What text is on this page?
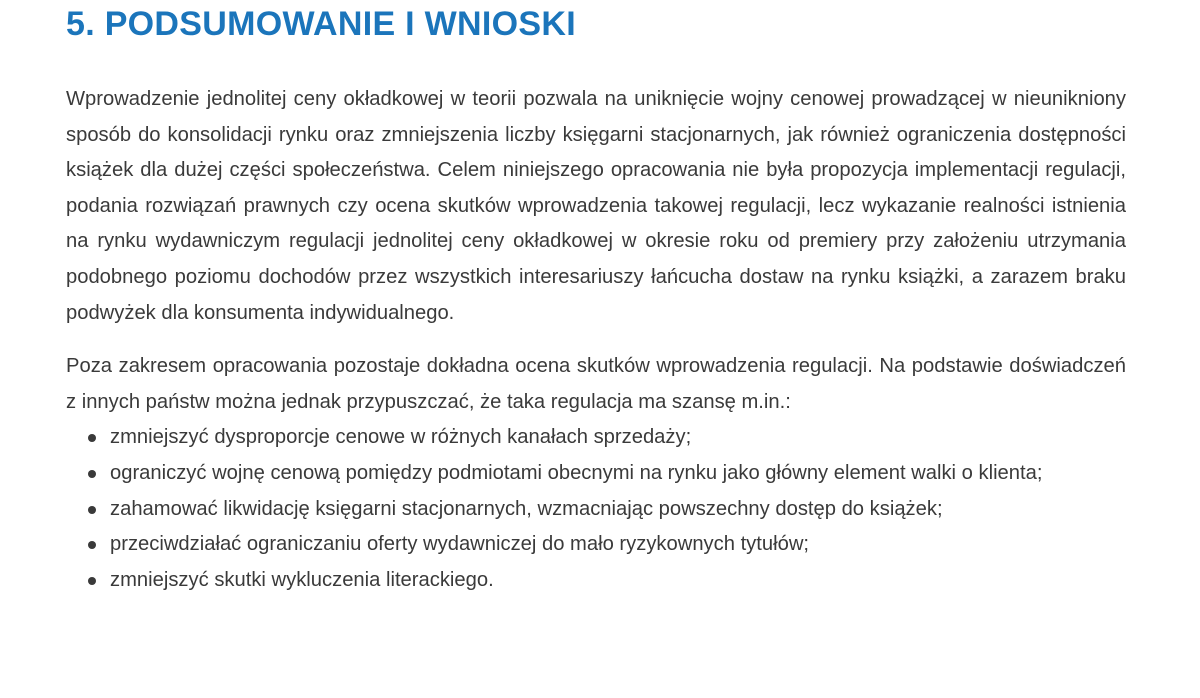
5. PODSUMOWANIE I WNIOSKI

Wprowadzenie jednolitej ceny okładkowej w teorii pozwala na uniknięcie wojny cenowej prowadzącej w nieunikniony sposób do konsolidacji rynku oraz zmniejszenia liczby księgarni stacjonarnych, jak również ograniczenia dostępności książek dla dużej części społeczeństwa. Celem niniejszego opracowania nie była propozycja implementacji regulacji, podania rozwiązań prawnych czy ocena skutków wprowadzenia takowej regulacji, lecz wykazanie realności istnienia na rynku wydawniczym regulacji jednolitej ceny okładkowej w okresie roku od premiery przy założeniu utrzymania podobnego poziomu dochodów przez wszystkich interesariuszy łańcucha dostaw na rynku książki, a zarazem braku podwyżek dla konsumenta indywidualnego.

Poza zakresem opracowania pozostaje dokładna ocena skutków wprowadzenia regulacji. Na podstawie doświadczeń z innych państw można jednak przypuszczać, że taka regulacja ma szansę m.in.:

zmniejszyć dysproporcje cenowe w różnych kanałach sprzedaży;
ograniczyć wojnę cenową pomiędzy podmiotami obecnymi na rynku jako główny element walki o klienta;
zahamować likwidację księgarni stacjonarnych, wzmacniając powszechny dostęp do książek;
przeciwdziałać ograniczaniu oferty wydawniczej do mało ryzykownych tytułów;
zmniejszyć skutki wykluczenia literackiego.
